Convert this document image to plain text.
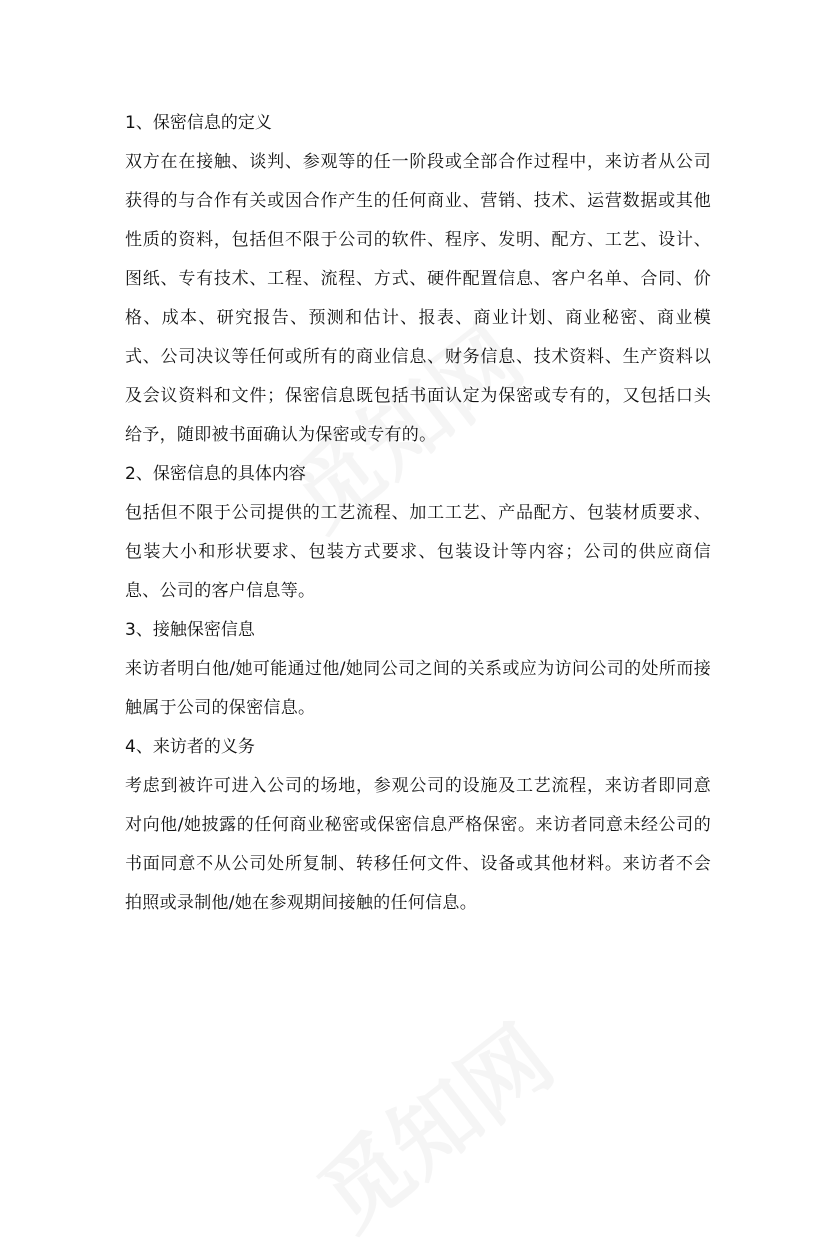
1、保密信息的定义

双方在在接触、谈判、参观等的任一阶段或全部合作过程中，来访者从公司获得的与合作有关或因合作产生的任何商业、营销、技术、运营数据或其他性质的资料，包括但不限于公司的软件、程序、发明、配方、工艺、设计、图纸、专有技术、工程、流程、方式、硬件配置信息、客户名单、合同、价格、成本、研究报告、预测和估计、报表、商业计划、商业秘密、商业模式、公司决议等任何或所有的商业信息、财务信息、技术资料、生产资料以及会议资料和文件；保密信息既包括书面认定为保密或专有的，又包括口头给予，随即被书面确认为保密或专有的。

2、保密信息的具体内容

包括但不限于公司提供的工艺流程、加工工艺、产品配方、包装材质要求、包装大小和形状要求、包装方式要求、包装设计等内容；公司的供应商信息、公司的客户信息等。

3、接触保密信息

来访者明白他/她可能通过他/她同公司之间的关系或应为访问公司的处所而接触属于公司的保密信息。

4、来访者的义务

考虑到被许可进入公司的场地，参观公司的设施及工艺流程，来访者即同意对向他/她披露的任何商业秘密或保密信息严格保密。来访者同意未经公司的书面同意不从公司处所复制、转移任何文件、设备或其他材料。来访者不会拍照或录制他/她在参观期间接触的任何信息。
